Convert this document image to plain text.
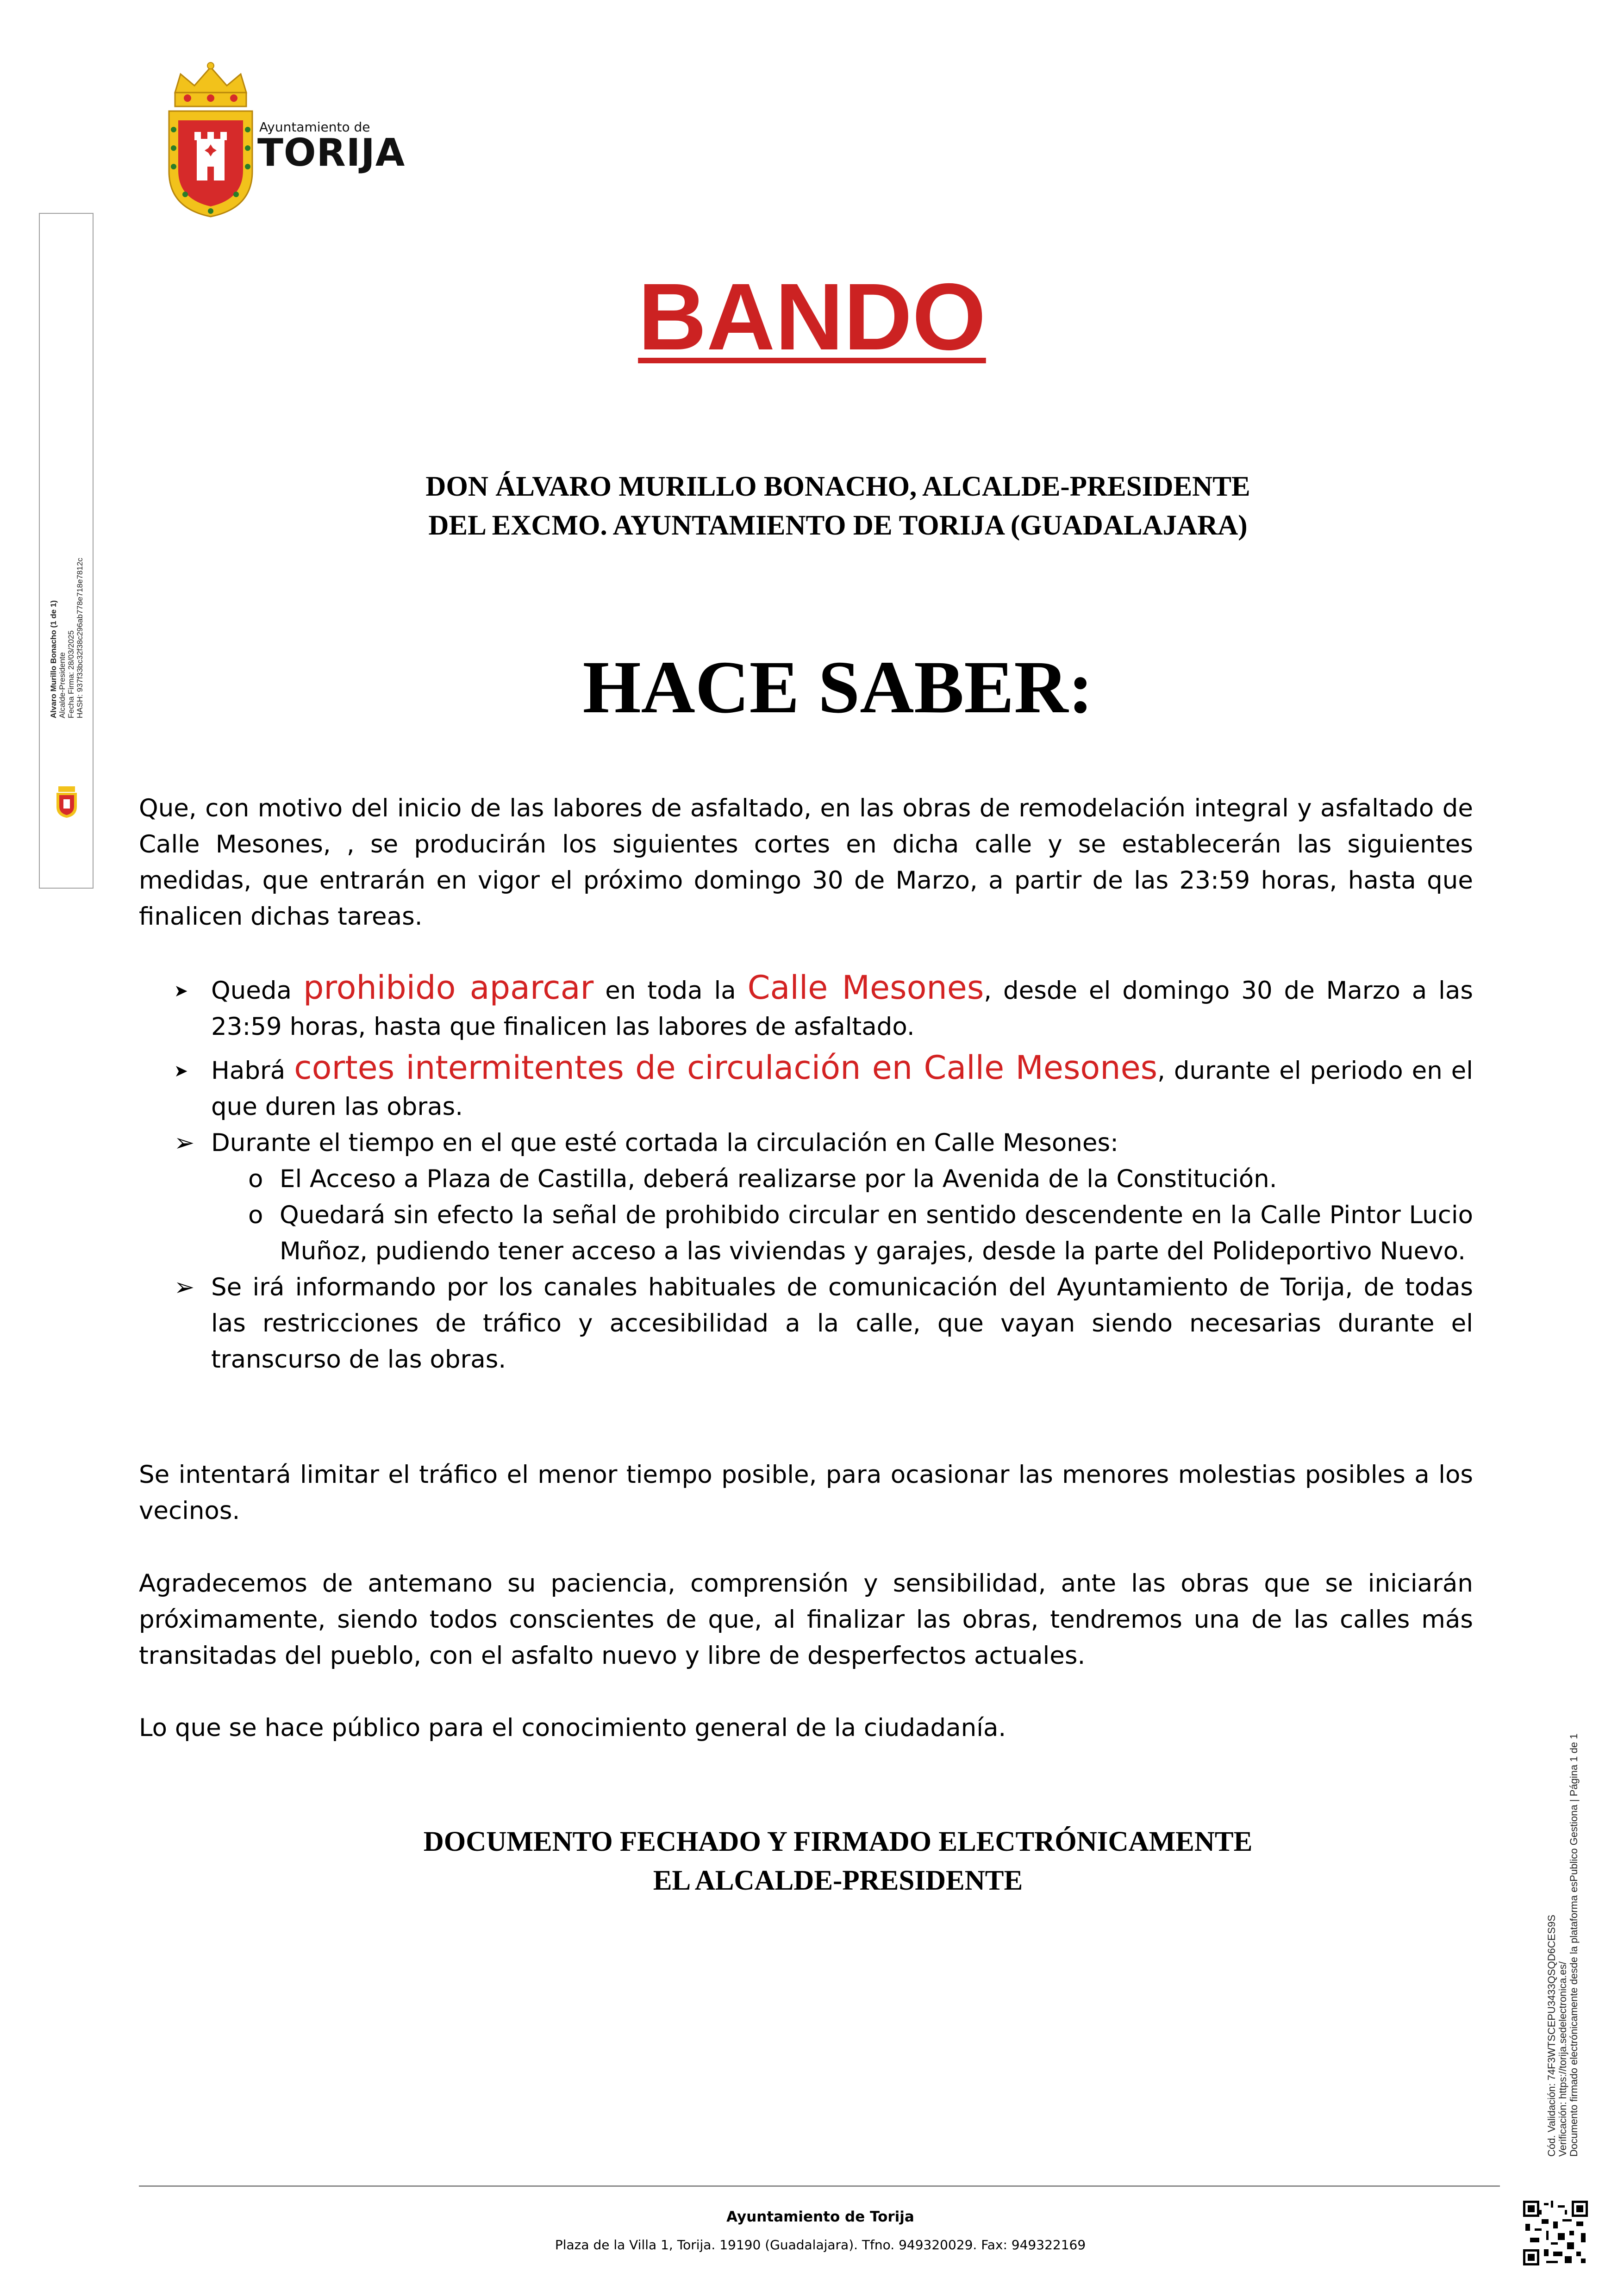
Ayuntamiento de
TORIJA
Alvaro Murillo Bonacho (1 de 1) Alcalde-Presidente Fecha Firma: 28/03/2025 HASH: 937f33bc32f38c296ab778e718e7812c
BANDO
DON ÁLVARO MURILLO BONACHO, ALCALDE-PRESIDENTE
DEL EXCMO. AYUNTAMIENTO DE TORIJA (GUADALAJARA)
HACE SABER:
Que, con motivo del inicio de las labores de asfaltado, en las obras de remodelación integral y asfaltado de Calle Mesones, , se producirán los siguientes cortes en dicha calle y se establecerán las siguientes medidas, que entrarán en vigor el próximo domingo 30 de Marzo, a partir de las 23:59 horas, hasta que finalicen dichas tareas.
➤ Queda prohibido aparcar en toda la Calle Mesones, desde el domingo 30 de Marzo a las 23:59 horas, hasta que finalicen las labores de asfaltado.
➤ Habrá cortes intermitentes de circulación en Calle Mesones, durante el periodo en el que duren las obras.
➢ Durante el tiempo en el que esté cortada la circulación en Calle Mesones:
o El Acceso a Plaza de Castilla, deberá realizarse por la Avenida de la Constitución.
o Quedará sin efecto la señal de prohibido circular en sentido descendente en la Calle Pintor Lucio Muñoz, pudiendo tener acceso a las viviendas y garajes, desde la parte del Polideportivo Nuevo.
➢ Se irá informando por los canales habituales de comunicación del Ayuntamiento de Torija, de todas las restricciones de tráfico y accesibilidad a la calle, que vayan siendo necesarias durante el transcurso de las obras.
Se intentará limitar el tráfico el menor tiempo posible, para ocasionar las menores molestias posibles a los vecinos.
Agradecemos de antemano su paciencia, comprensión y sensibilidad, ante las obras que se iniciarán próximamente, siendo todos conscientes de que, al finalizar las obras, tendremos una de las calles más transitadas del pueblo, con el asfalto nuevo y libre de desperfectos actuales.
Lo que se hace público para el conocimiento general de la ciudadanía.
DOCUMENTO FECHADO Y FIRMADO ELECTRÓNICAMENTE
EL ALCALDE-PRESIDENTE
Cód. Validación: 74F3WTSCEPU3433QSQD6CES9S Verificación: https://torija.sedelectronica.es/ Documento firmado electrónicamente desde la plataforma esPublico Gestiona | Página 1 de 1
Ayuntamiento de Torija
Plaza de la Villa 1, Torija. 19190 (Guadalajara). Tfno. 949320029. Fax: 949322169
